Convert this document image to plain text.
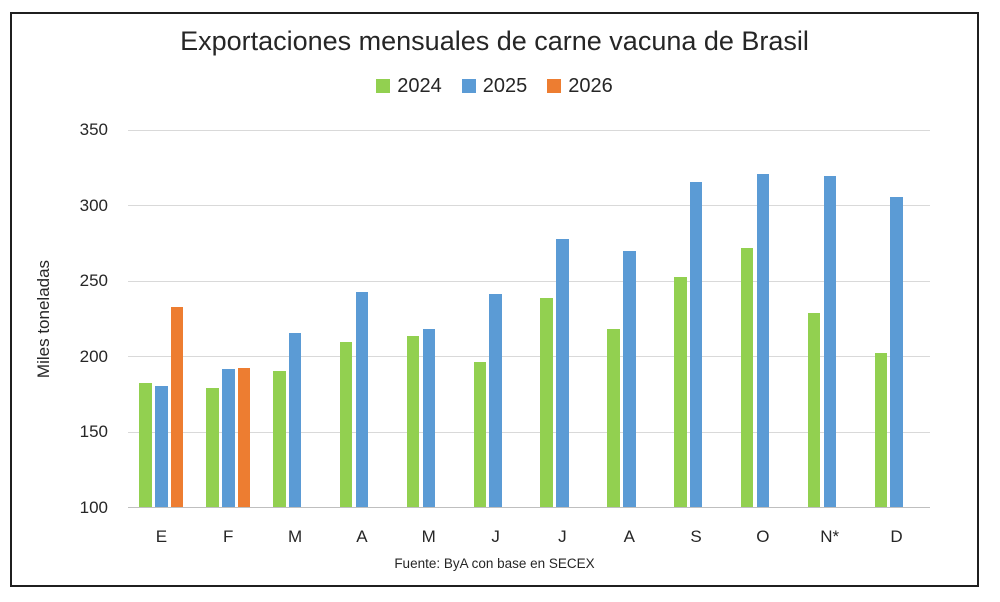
Exportaciones mensuales de carne vacuna de Brasil
2024 2025 2026
Miles toneladas
350
300
250
200
150
100
E	F	M	A	M	J	J	A	S	O	N*	D
Fuente: ByA con base en SECEX
